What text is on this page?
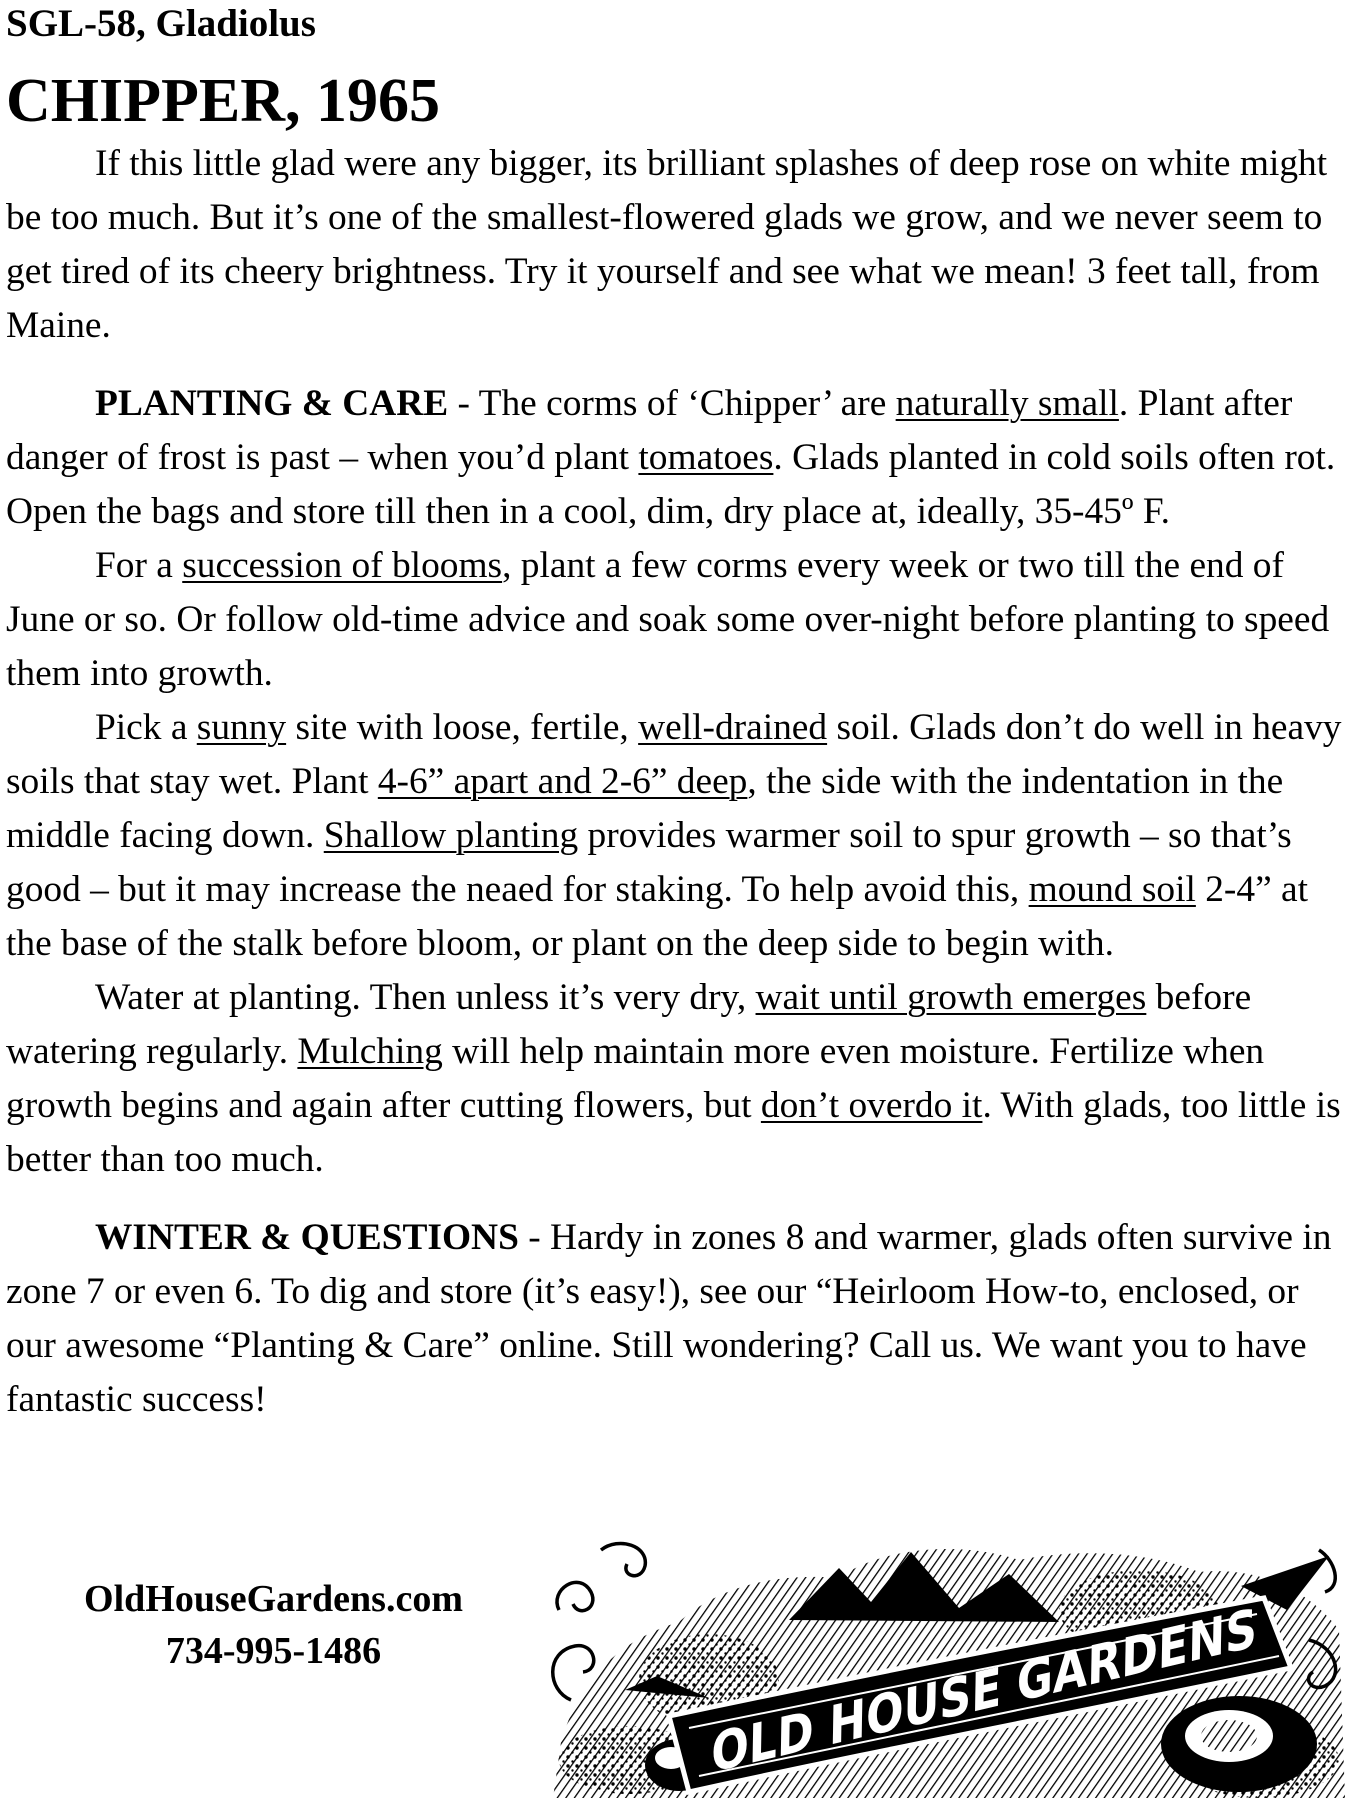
SGL-58, Gladiolus
CHIPPER, 1965

If this little glad were any bigger, its brilliant splashes of deep rose on white might be too much. But it’s one of the smallest-flowered glads we grow, and we never seem to get tired of its cheery brightness. Try it yourself and see what we mean! 3 feet tall, from Maine.

PLANTING & CARE - The corms of ‘Chipper’ are naturally small. Plant after danger of frost is past – when you’d plant tomatoes. Glads planted in cold soils often rot. Open the bags and store till then in a cool, dim, dry place at, ideally, 35-45º F.

For a succession of blooms, plant a few corms every week or two till the end of June or so. Or follow old-time advice and soak some over-night before planting to speed them into growth.

Pick a sunny site with loose, fertile, well-drained soil. Glads don’t do well in heavy soils that stay wet. Plant 4-6” apart and 2-6” deep, the side with the indentation in the middle facing down. Shallow planting provides warmer soil to spur growth – so that’s good – but it may increase the neaed for staking. To help avoid this, mound soil 2-4” at the base of the stalk before bloom, or plant on the deep side to begin with.

Water at planting. Then unless it’s very dry, wait until growth emerges before watering regularly. Mulching will help maintain more even moisture. Fertilize when growth begins and again after cutting flowers, but don’t overdo it. With glads, too little is better than too much.

WINTER & QUESTIONS - Hardy in zones 8 and warmer, glads often survive in zone 7 or even 6. To dig and store (it’s easy!), see our “Heirloom How-to, enclosed, or our awesome “Planting & Care” online. Still wondering? Call us. We want you to have fantastic success!

OldHouseGardens.com
734-995-1486	OLD HOUSE GARDENS
